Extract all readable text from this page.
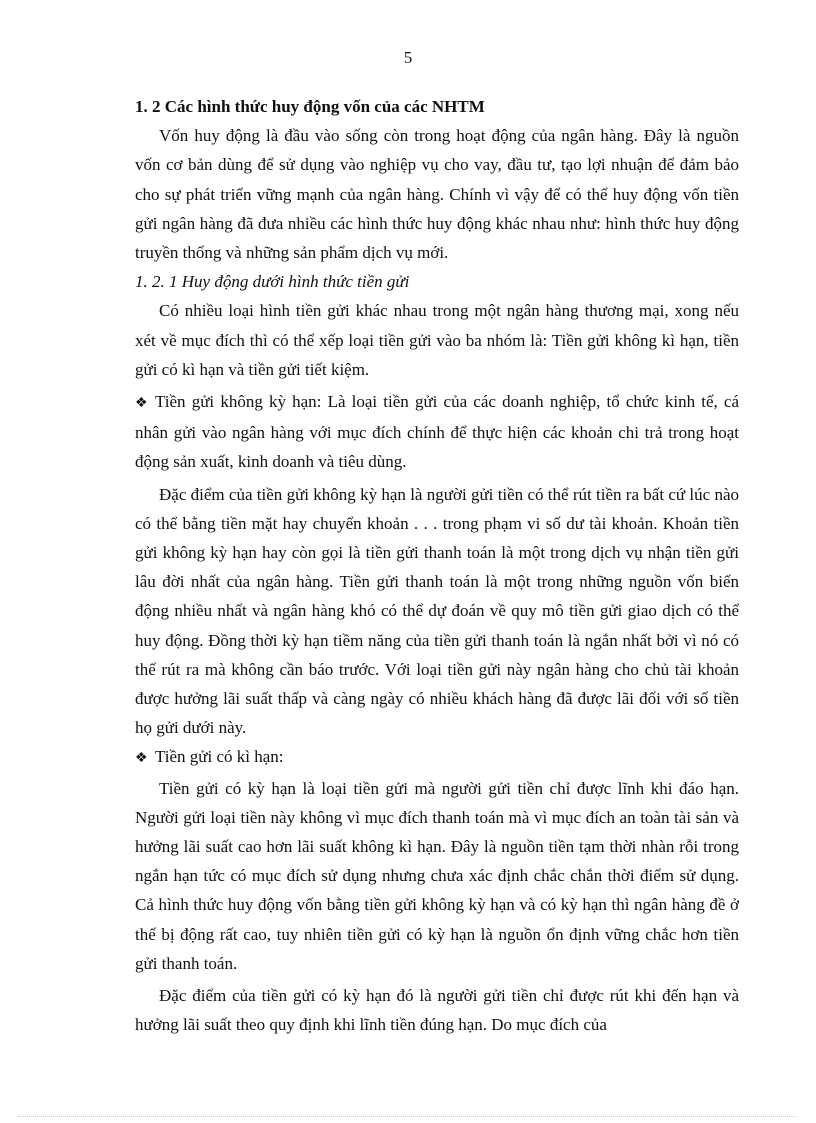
5

1. 2 Các hình thức huy động vốn của các NHTM

Vốn huy động là đầu vào sống còn trong hoạt động của ngân hàng. Đây là nguồn vốn cơ bản dùng để sử dụng vào nghiệp vụ cho vay, đầu tư, tạo lợi nhuận để đảm bảo cho sự phát triển vững mạnh của ngân hàng. Chính vì vậy để có thể huy động vốn tiền gửi ngân hàng đã đưa nhiều các hình thức huy động khác nhau như: hình thức huy động truyền thống và những sản phẩm dịch vụ mới.

1. 2. 1 Huy động dưới hình thức tiền gửi

Có nhiều loại hình tiền gửi khác nhau trong một ngân hàng thương mại, xong nếu xét về mục đích thì có thể xếp loại tiền gửi vào ba nhóm là: Tiền gửi không kì hạn, tiền gửi có kì hạn và tiền gửi tiết kiệm.

❖ Tiền gửi không kỳ hạn: Là loại tiền gửi của các doanh nghiệp, tổ chức kinh tế, cá nhân gửi vào ngân hàng với mục đích chính để thực hiện các khoản chi trả trong hoạt động sản xuất, kinh doanh và tiêu dùng.

Đặc điểm của tiền gửi không kỳ hạn là người gửi tiền có thể rút tiền ra bất cứ lúc nào có thể bằng tiền mặt hay chuyển khoản . . . trong phạm vi số dư tài khoản. Khoản tiền gửi không kỳ hạn hay còn gọi là tiền gửi thanh toán là một trong dịch vụ nhận tiền gửi lâu đời nhất của ngân hàng. Tiền gửi thanh toán là một trong những nguồn vốn biến động nhiều nhất và ngân hàng khó có thể dự đoán về quy mô tiền gửi giao dịch có thể huy động. Đồng thời kỳ hạn tiềm năng của tiền gửi thanh toán là ngắn nhất bởi vì nó có thể rút ra mà không cần báo trước. Với loại tiền gửi này ngân hàng cho chủ tài khoản được hưởng lãi suất thấp và càng ngày có nhiều khách hàng đã được lãi đối với số tiền họ gửi dưới này.

❖ Tiền gửi có kì hạn:

Tiền gửi có kỳ hạn là loại tiền gửi mà người gửi tiền chỉ được lĩnh khi đáo hạn. Người gửi loại tiền này không vì mục đích thanh toán mà vì mục đích an toàn tài sản và hưởng lãi suất cao hơn lãi suất không kì hạn. Đây là nguồn tiền tạm thời nhàn rỗi trong ngắn hạn tức có mục đích sử dụng nhưng chưa xác định chắc chắn thời điểm sử dụng. Cả hình thức huy động vốn bằng tiền gửi không kỳ hạn và có kỳ hạn thì ngân hàng đề ở thế bị động rất cao, tuy nhiên tiền gửi có kỳ hạn là nguồn ổn định vững chắc hơn tiền gửi thanh toán.

Đặc điểm của tiền gửi có kỳ hạn đó là người gửi tiền chỉ được rút khi đến hạn và hưởng lãi suất theo quy định khi lĩnh tiền đúng hạn. Do mục đích của
